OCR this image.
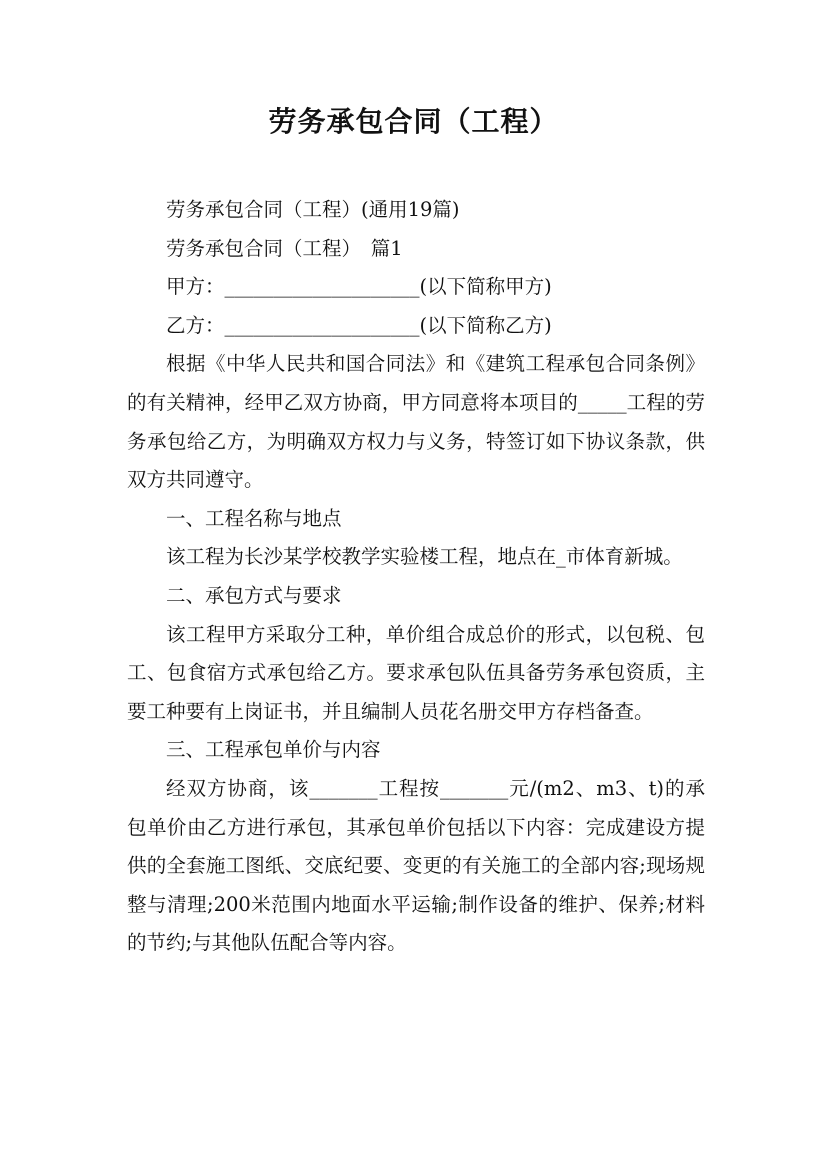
劳务承包合同（工程）

劳务承包合同（工程）(通用19篇)

劳务承包合同（工程）　篇1

甲方：____________________(以下简称甲方)

乙方：____________________(以下简称乙方)

根据《中华人民共和国合同法》和《建筑工程承包合同条例》的有关精神，经甲乙双方协商，甲方同意将本项目的_____工程的劳务承包给乙方，为明确双方权力与义务，特签订如下协议条款，供双方共同遵守。

一、工程名称与地点

该工程为长沙某学校教学实验楼工程，地点在_市体育新城。

二、承包方式与要求

该工程甲方采取分工种，单价组合成总价的形式，以包税、包工、包食宿方式承包给乙方。要求承包队伍具备劳务承包资质，主要工种要有上岗证书，并且编制人员花名册交甲方存档备查。

三、工程承包单价与内容

经双方协商，该_______工程按_______元/(m2、m3、t)的承包单价由乙方进行承包，其承包单价包括以下内容：完成建设方提供的全套施工图纸、交底纪要、变更的有关施工的全部内容;现场规整与清理;200米范围内地面水平运输;制作设备的维护、保养;材料的节约;与其他队伍配合等内容。
